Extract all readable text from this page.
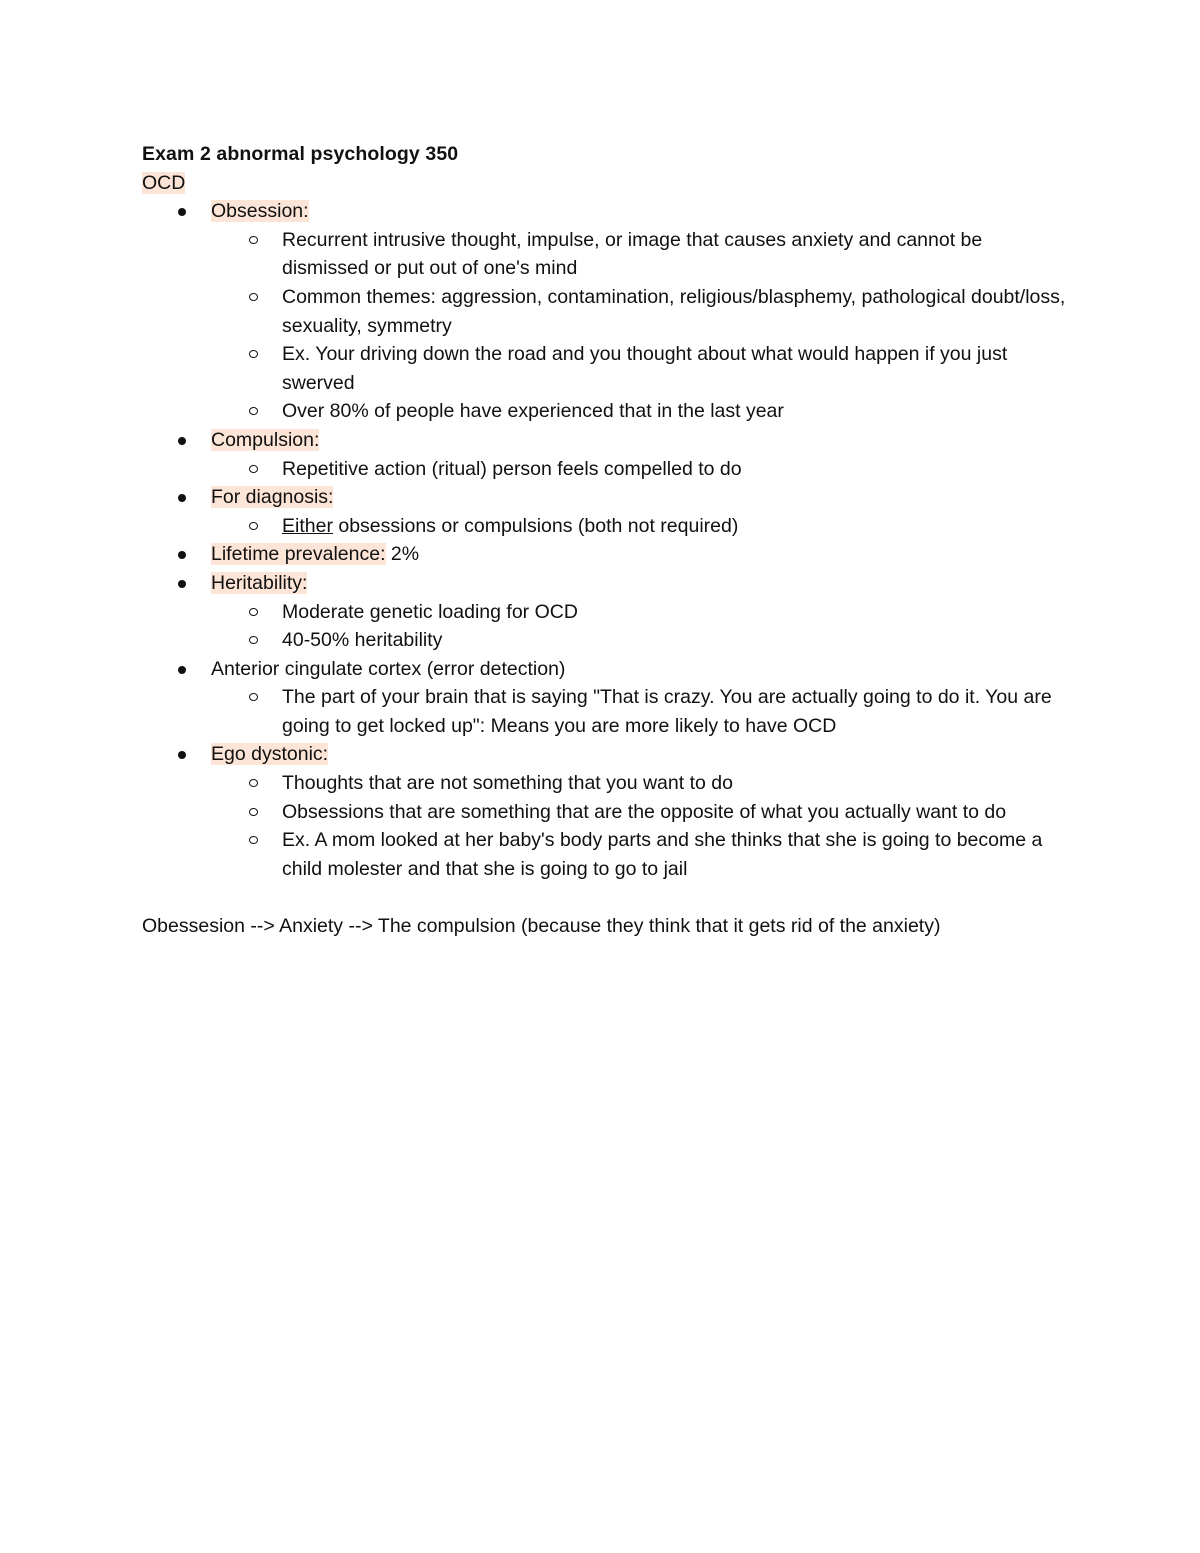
Exam 2 abnormal psychology 350

OCD

Obsession:
Recurrent intrusive thought, impulse, or image that causes anxiety and cannot be dismissed or put out of one's mind
Common themes: aggression, contamination, religious/blasphemy, pathological doubt/loss, sexuality, symmetry
Ex. Your driving down the road and you thought about what would happen if you just swerved
Over 80% of people have experienced that in the last year
Compulsion:
Repetitive action (ritual) person feels compelled to do
For diagnosis:
Either obsessions or compulsions (both not required)
Lifetime prevalence: 2%
Heritability:
Moderate genetic loading for OCD
40-50% heritability
Anterior cingulate cortex (error detection)
The part of your brain that is saying "That is crazy. You are actually going to do it. You are going to get locked up": Means you are more likely to have OCD
Ego dystonic:
Thoughts that are not something that you want to do
Obsessions that are something that are the opposite of what you actually want to do
Ex. A mom looked at her baby's body parts and she thinks that she is going to become a child molester and that she is going to go to jail

Obessesion --> Anxiety --> The compulsion (because they think that it gets rid of the anxiety)
